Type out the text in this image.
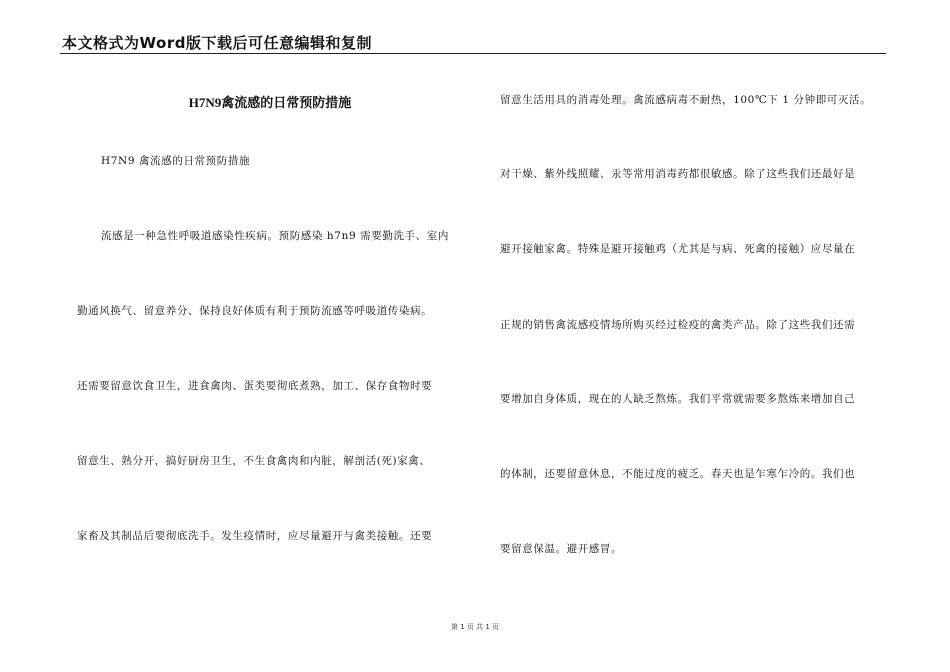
本文格式为Word版下载后可任意编辑和复制
H7N9禽流感的日常预防措施
H7N9 禽流感的日常预防措施
流感是一种急性呼吸道感染性疾病。预防感染 h7n9 需要勤洗手、室内
勤通风换气、留意养分、保持良好体质有利于预防流感等呼吸道传染病。
还需要留意饮食卫生，进食禽肉、蛋类要彻底煮熟，加工、保存食物时要
留意生、熟分开，搞好厨房卫生，不生食禽肉和内脏，解剖活(死)家禽、
家畜及其制品后要彻底洗手。发生疫情时，应尽量避开与禽类接触。还要
留意生活用具的消毒处理。禽流感病毒不耐热，100℃下 1 分钟即可灭活。
对干燥、紫外线照耀、汞等常用消毒药都很敏感。除了这些我们还最好是
避开接触家禽。特殊是避开接触鸡（尤其是与病、死禽的接触）应尽量在
正规的销售禽流感疫情场所购买经过检疫的禽类产品。除了这些我们还需
要增加自身体质，现在的人缺乏熬炼。我们平常就需要多熬炼来增加自己
的体制，还要留意休息，不能过度的疲乏。春天也是乍寒乍冷的。我们也
要留意保温。避开感冒。
第 1 页 共 1 页
